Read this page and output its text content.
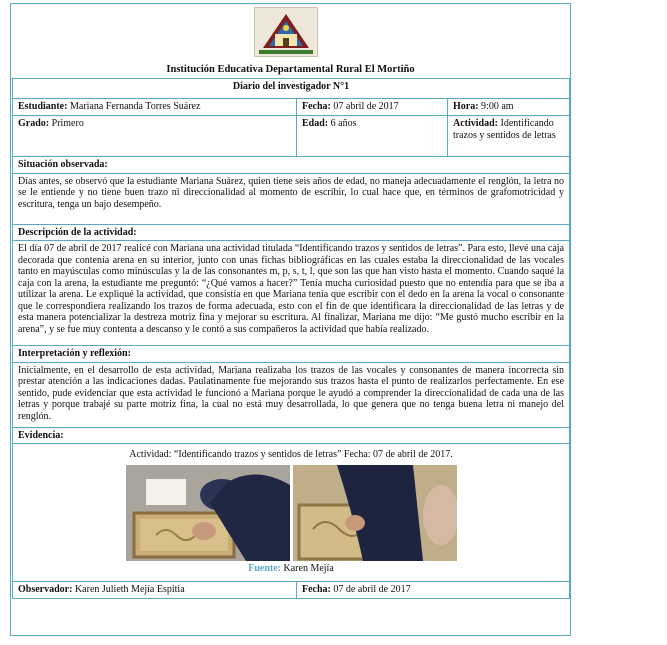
Institución Educativa Departamental Rural El Mortiño
Diario del investigador N°1		
Estudiante: Mariana Fernanda Torres Suárez	Fecha: 07 abril de 2017	Hora: 9:00 am
Grado: Primero	Edad: 6 años	Actividad: Identificando trazos y sentidos de letras
Situación observada:		
Días antes, se observó que la estudiante Mariana Suárez, quien tiene seis años de edad, no maneja adecuadamente el renglón, la letra no se le entiende y no tiene buen trazo ni direccionalidad al momento de escribir, lo cual hace que, en términos de grafomotricidad y escritura, tenga un bajo desempeño.		
Descripción de la actividad:		
El día 07 de abril de 2017 realicé con Mariana una actividad titulada “Identificando trazos y sentidos de letras”. Para esto, llevé una caja decorada que contenía arena en su interior, junto con unas fichas bibliográficas en las cuales estaba la direccionalidad de las vocales tanto en mayúsculas como minúsculas y la de las consonantes m, p, s, t, l, que son las que han visto hasta el momento. Cuando saqué la caja con la arena, la estudiante me preguntó: “¿Qué vamos a hacer?” Tenía mucha curiosidad puesto que no entendía para que se iba a utilizar la arena. Le expliqué la actividad, que consistía en que Mariana tenía que escribir con el dedo en la arena la vocal o consonante que le correspondiera realizando los trazos de forma adecuada, esto con el fin de que identificara la direccionalidad de las letras y de esta manera potencializar la destreza motriz fina y mejorar su escritura. Al finalizar, Mariana me dijo: “Me gustó mucho escribir en la arena”, y se fue muy contenta a descanso y le contó a sus compañeros la actividad que había realizado.		
Interpretación y reflexión:		
Inicialmente, en el desarrollo de esta actividad, Mariana realizaba los trazos de las vocales y consonantes de manera incorrecta sin prestar atención a las indicaciones dadas. Paulatinamente fue mejorando sus trazos hasta el punto de realizarlos perfectamente. En ese sentido, pude evidenciar que esta actividad le funcionó a Mariana porque le ayudó a comprender la direccionalidad de cada una de las letras y porque trabajé su parte motriz fina, la cual no está muy desarrollada, lo que genera que no tenga buena letra ni manejo del renglón.		
Evidencia:		

Actividad: “Identificando trazos y sentidos de letras” Fecha: 07 de abril de 2017.
Fuente: Karen Mejía		

Observador: Karen Julieth Mejía Espitia	Fecha: 07 de abril de 2017	
